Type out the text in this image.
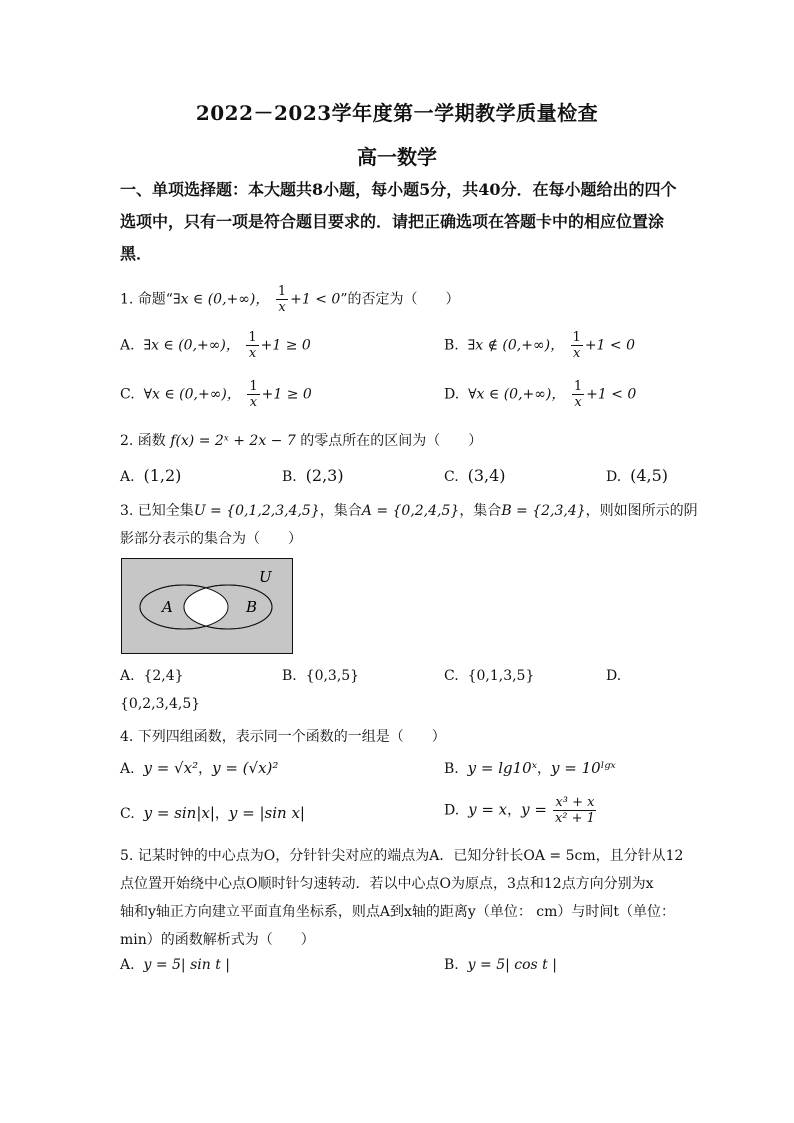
2022－2023学年度第一学期教学质量检查
高一数学
一、单项选择题：本大题共8小题，每小题5分，共40分．在每小题给出的四个选项中，只有一项是符合题目要求的．请把正确选项在答题卡中的相应位置涂黑．
1. 命题“∃x ∈ (0,+∞)， $\frac{1}{x} +1 < 0$”的否定为（　　）
A. ∃x ∈ (0,+∞)， $\frac{1}{x} +1 \ge 0$	B. ∃x ∉ (0,+∞)， $\frac{1}{x} +1 < 0$
C. ∀x ∈ (0,+∞)， $\frac{1}{x} +1 \ge 0$	D. ∀x ∈ (0,+∞)， $\frac{1}{x} +1 < 0$
2. 函数 f(x) = 2ˣ + 2x − 7 的零点所在的区间为（　　）
A. (1,2)	B. (2,3)	C. (3,4)	D. (4,5)
3. 已知全集U = {0,1,2,3,4,5}，集合A = {0,2,4,5}，集合B = {2,3,4}，则如图所示的阴
影部分表示的集合为（　　）
U
A	B
A. {2,4}	B. {0,3,5}	C. {0,1,3,5}	D.
{0,2,3,4,5}
4. 下列四组函数，表示同一个函数的一组是（　　）
A. y = √x²，y = (√x)²	B. y = lg10ˣ，y = 10ˡᵍˣ
C. y = sin|x|，y = |sin x|	D. y = x，$y = \frac{\text{x³ + x}}{\text{x² + 1}}$
5. 记某时钟的中心点为O，分针针尖对应的端点为A．已知分针长OA = 5cm，且分针从12
点位置开始绕中心点O顺时针匀速转动．若以中心点O为原点，3点和12点方向分别为x
轴和y轴正方向建立平面直角坐标系，则点A到x轴的距离y（单位： cm）与时间t（单位：
min）的函数解析式为（　　）
A. y = 5| sin t |	B. y = 5| cos t |
